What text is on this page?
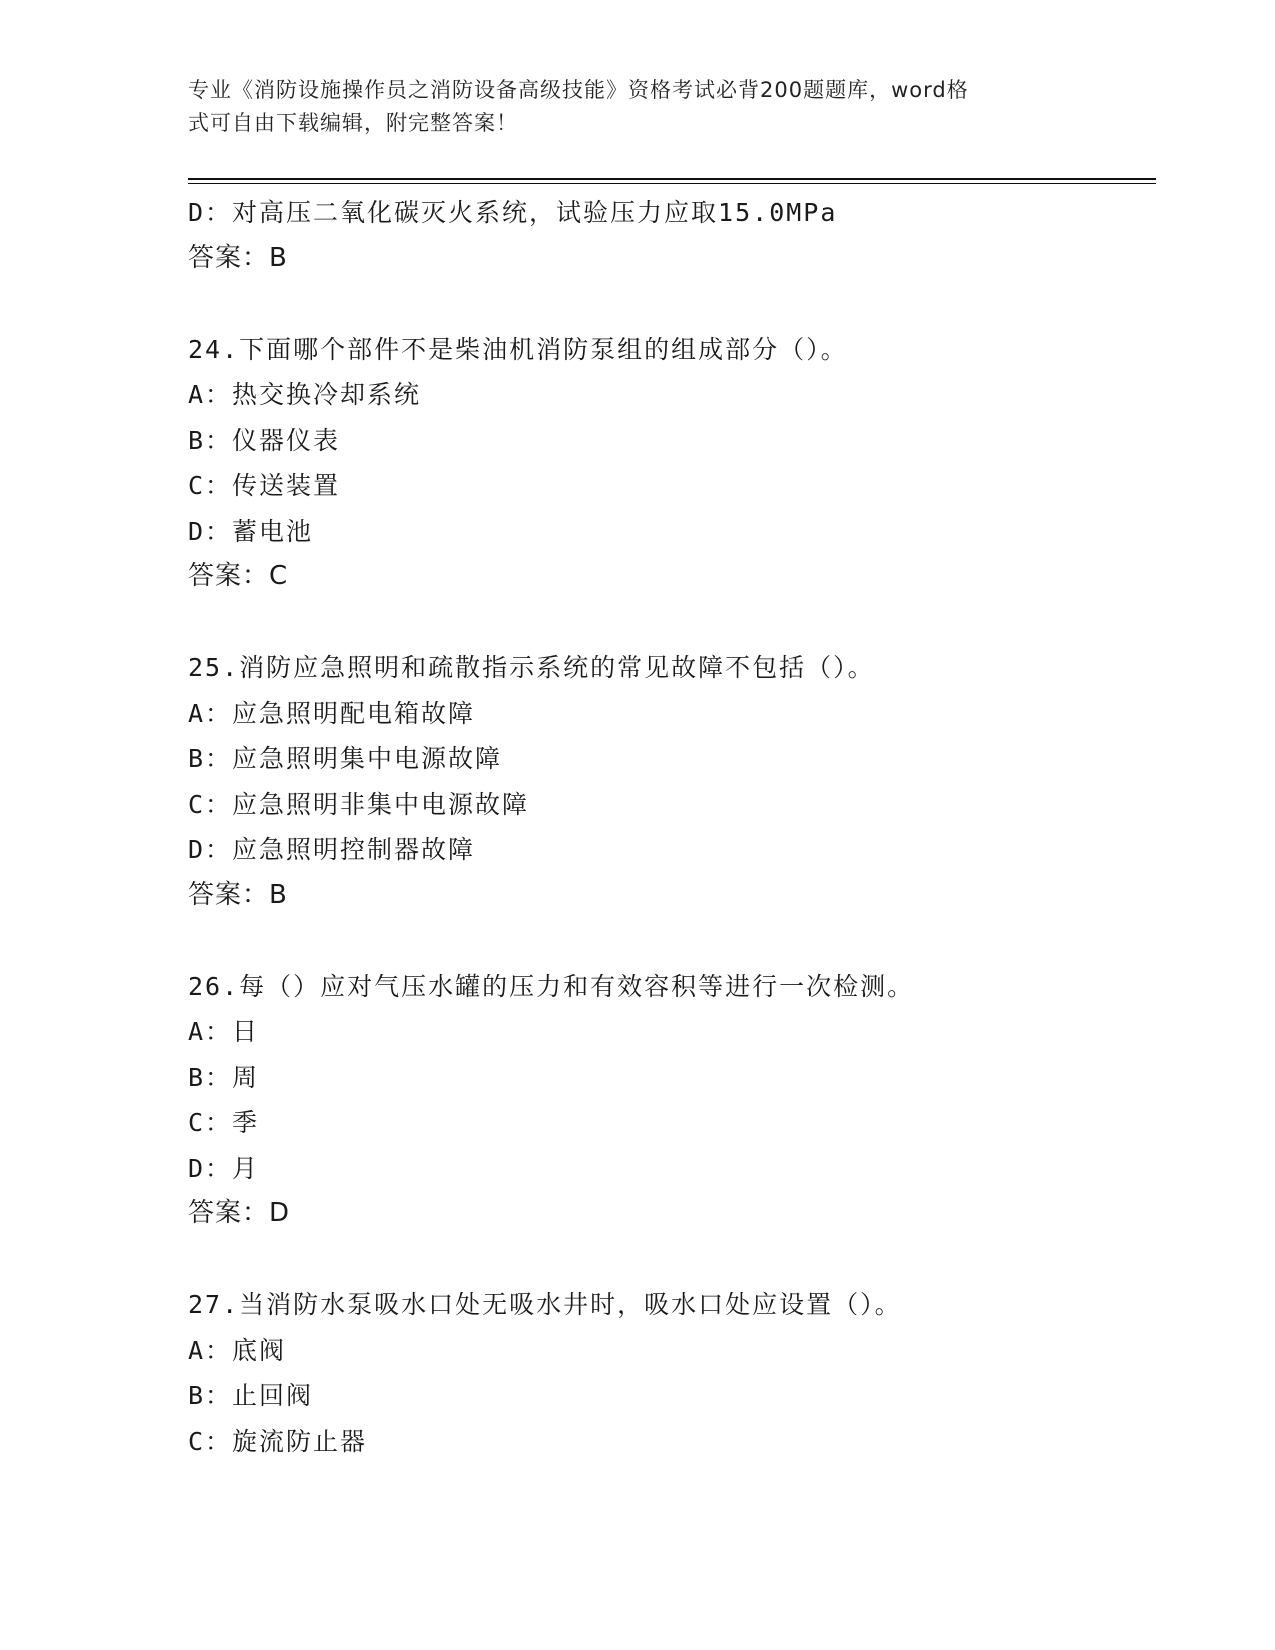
专业《消防设施操作员之消防设备高级技能》资格考试必背200题题库，word格
式可自由下载编辑，附完整答案！
D：对高压二氧化碳灭火系统，试验压力应取15.0MPa
答案：B
24.下面哪个部件不是柴油机消防泵组的组成部分（）。
A：热交换冷却系统
B：仪器仪表
C：传送装置
D：蓄电池
答案：C
25.消防应急照明和疏散指示系统的常见故障不包括（）。
A：应急照明配电箱故障
B：应急照明集中电源故障
C：应急照明非集中电源故障
D：应急照明控制器故障
答案：B
26.每（）应对气压水罐的压力和有效容积等进行一次检测。
A：日
B：周
C：季
D：月
答案：D
27.当消防水泵吸水口处无吸水井时，吸水口处应设置（）。
A：底阀
B：止回阀
C：旋流防止器
